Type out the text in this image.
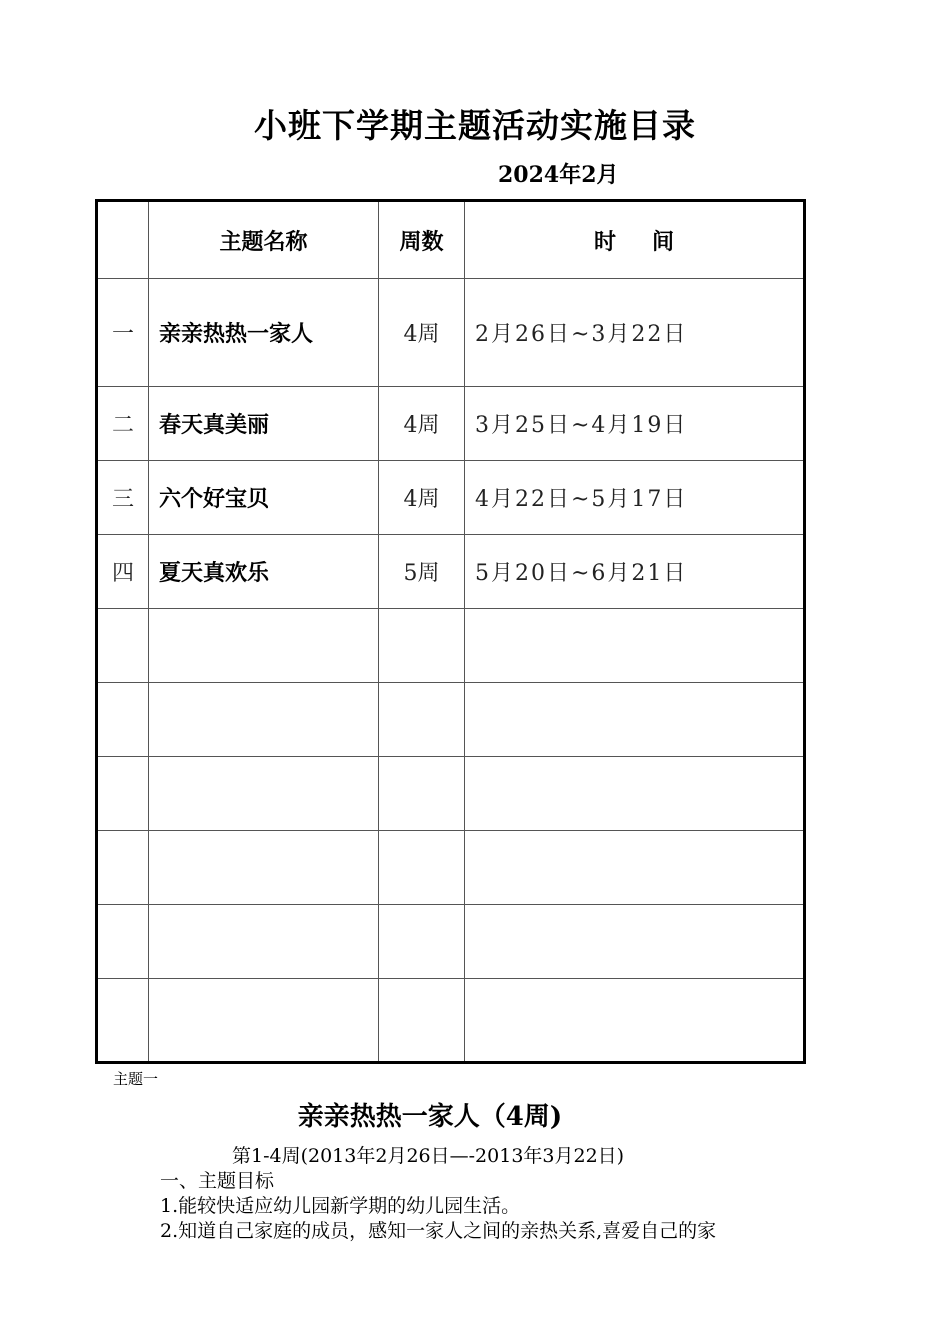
小班下学期主题活动实施目录
2024年2月
	主题名称	周数	时 间
一	亲亲热热一家人	4周	2月26日~3月22日
二	春天真美丽	4周	3月25日~4月19日
三	六个好宝贝	4周	4月22日~5月17日
四	夏天真欢乐	5周	5月20日~6月21日

主题一
亲亲热热一家人（4周)
第1-4周(2013年2月26日—-2013年3月22日)
一、主题目标
1.能较快适应幼儿园新学期的幼儿园生活。
2.知道自己家庭的成员，感知一家人之间的亲热关系,喜爱自己的家
